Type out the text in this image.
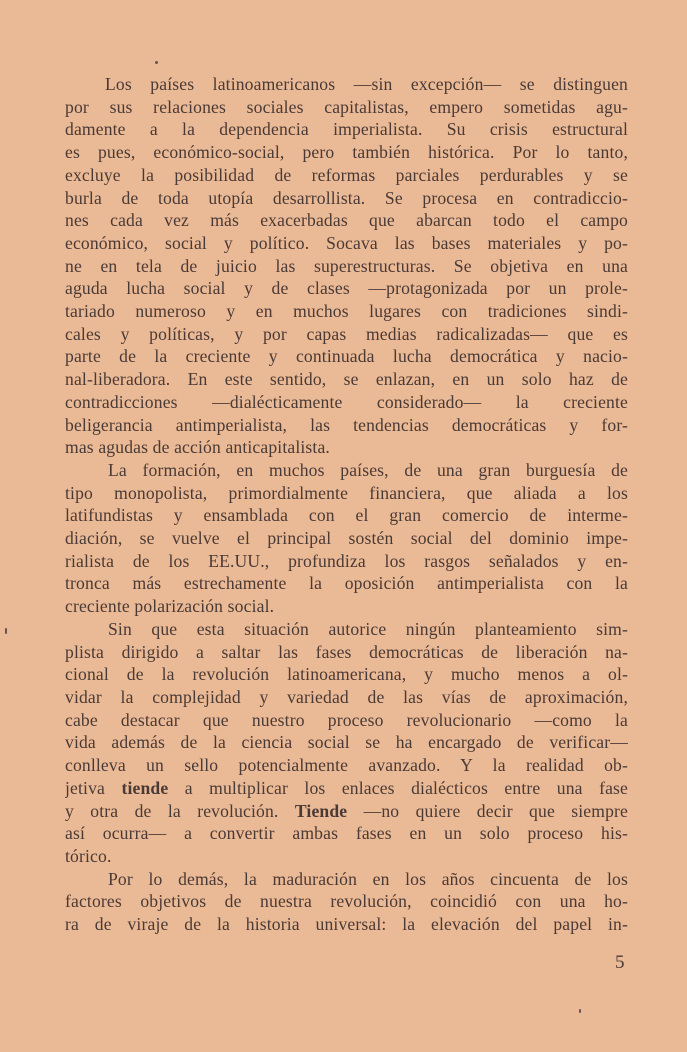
Los países latinoamericanos —sin excepción— se distinguen
por sus relaciones sociales capitalistas, empero sometidas agu-
damente a la dependencia imperialista. Su crisis estructural
es pues, económico-social, pero también histórica. Por lo tanto,
excluye la posibilidad de reformas parciales perdurables y se
burla de toda utopía desarrollista. Se procesa en contradiccio-
nes cada vez más exacerbadas que abarcan todo el campo
económico, social y político. Socava las bases materiales y po-
ne en tela de juicio las superestructuras. Se objetiva en una
aguda lucha social y de clases —protagonizada por un prole-
tariado numeroso y en muchos lugares con tradiciones sindi-
cales y políticas, y por capas medias radicalizadas— que es
parte de la creciente y continuada lucha democrática y nacio-
nal-liberadora. En este sentido, se enlazan, en un solo haz de
contradicciones —dialécticamente considerado— la creciente
beligerancia antimperialista, las tendencias democráticas y for-
mas agudas de acción anticapitalista.
La formación, en muchos países, de una gran burguesía de
tipo monopolista, primordialmente financiera, que aliada a los
latifundistas y ensamblada con el gran comercio de interme-
diación, se vuelve el principal sostén social del dominio impe-
rialista de los EE.UU., profundiza los rasgos señalados y en-
tronca más estrechamente la oposición antimperialista con la
creciente polarización social.
Sin que esta situación autorice ningún planteamiento sim-
plista dirigido a saltar las fases democráticas de liberación na-
cional de la revolución latinoamericana, y mucho menos a ol-
vidar la complejidad y variedad de las vías de aproximación,
cabe destacar que nuestro proceso revolucionario —como la
vida además de la ciencia social se ha encargado de verificar—
conlleva un sello potencialmente avanzado. Y la realidad ob-
jetiva tiende a multiplicar los enlaces dialécticos entre una fase
y otra de la revolución. Tiende —no quiere decir que siempre
así ocurra— a convertir ambas fases en un solo proceso his-
tórico.
Por lo demás, la maduración en los años cincuenta de los
factores objetivos de nuestra revolución, coincidió con una ho-
ra de viraje de la historia universal: la elevación del papel in-
5
